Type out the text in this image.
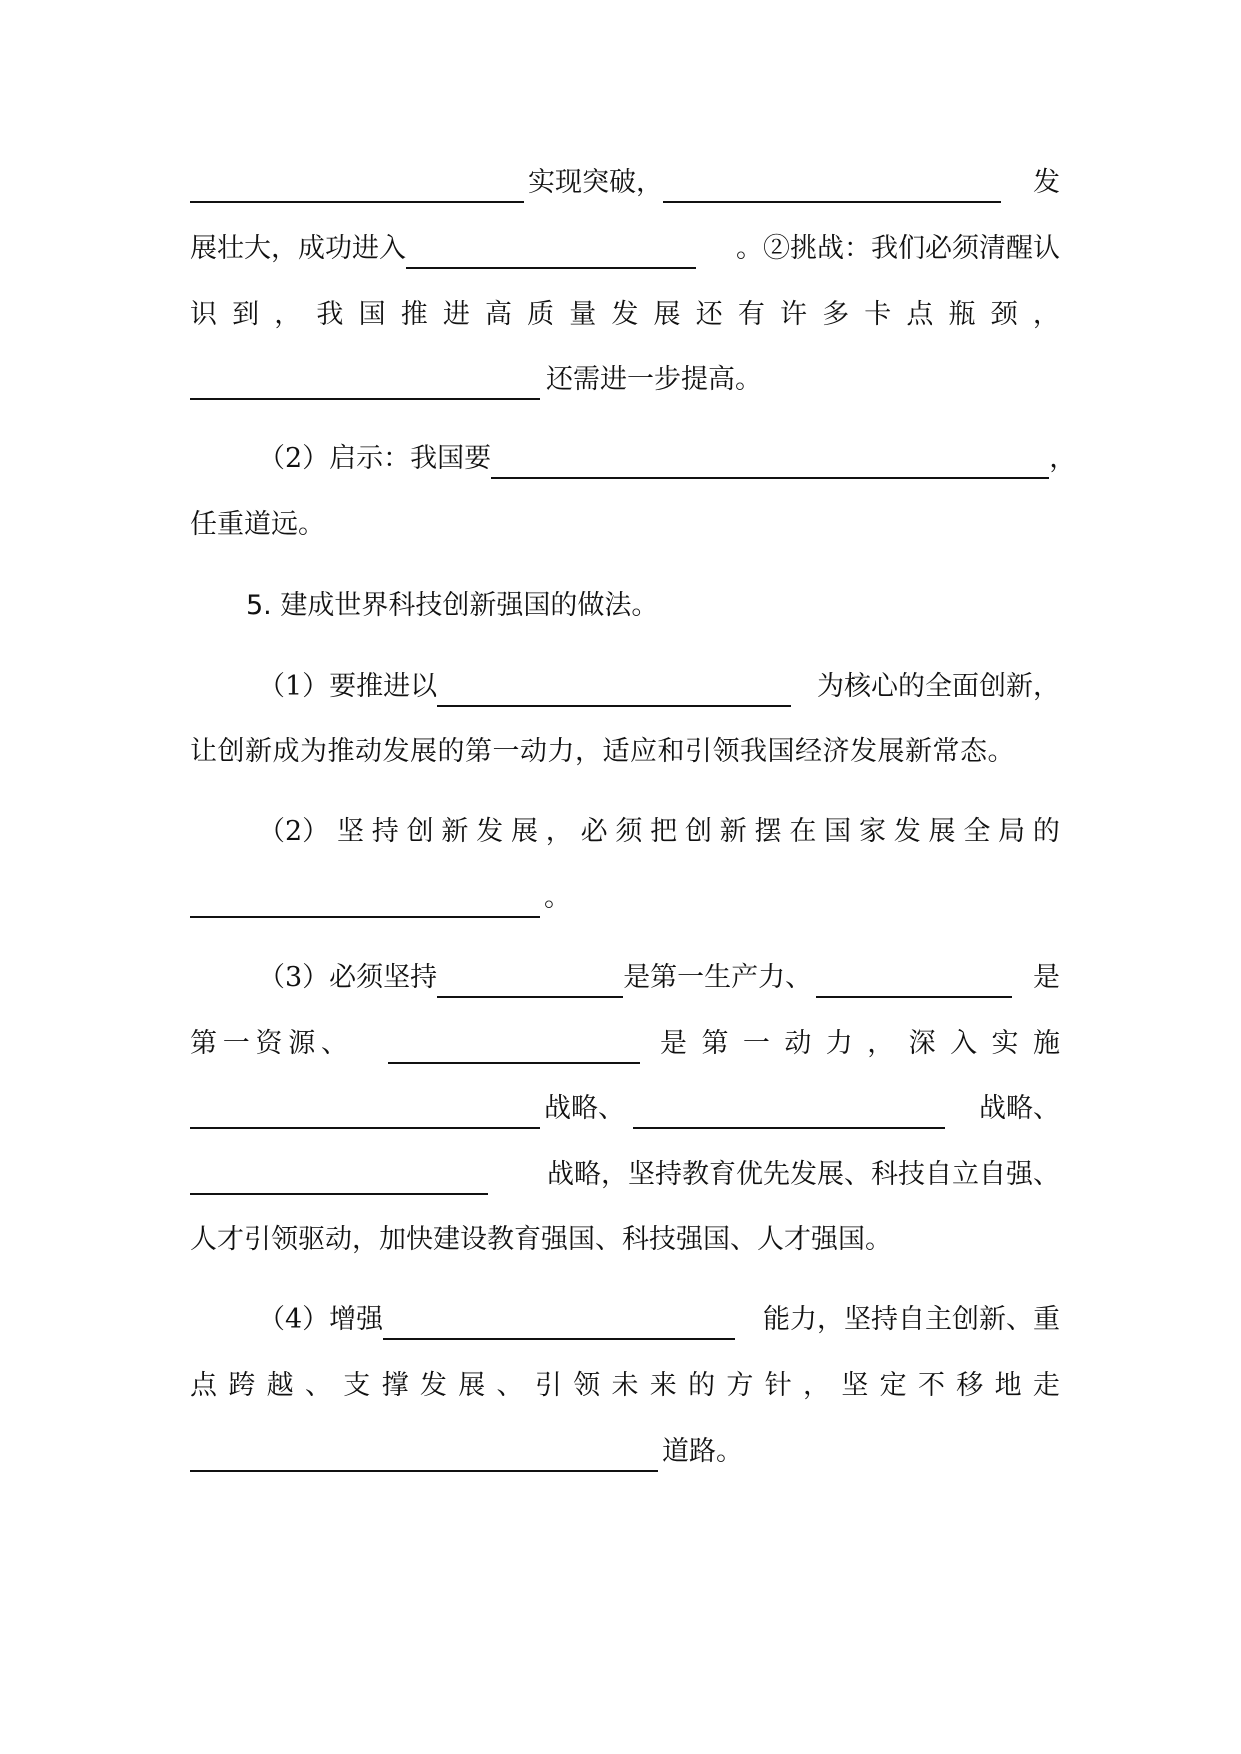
实现突破，	发
展壮大，成功进入	。②挑战：我们必须清醒认
识 到 ， 我 国 推 进 高 质 量 发 展 还 有 许 多 卡 点 瓶 颈 ，
还需进一步提高。
（2）启示：我国要	，
任重道远。
5. 建成世界科技创新强国的做法。
（1）要推进以	为核心的全面创新，
让创新成为推动发展的第一动力，适应和引领我国经济发展新常态。
（2） 坚 持 创 新 发 展 ， 必 须 把 创 新 摆 在 国 家 发 展 全 局 的
。
（3）必须坚持	是第一生产力、	是
第 一 资 源 、	是 第 一 动 力 ， 深 入 实 施
战略、	战略、
战略，坚持教育优先发展、科技自立自强、
人才引领驱动，加快建设教育强国、科技强国、人才强国。
（4）增强	能力，坚持自主创新、重
点 跨 越 、 支 撑 发 展 、 引 领 未 来 的 方 针 ， 坚 定 不 移 地 走
道路。
